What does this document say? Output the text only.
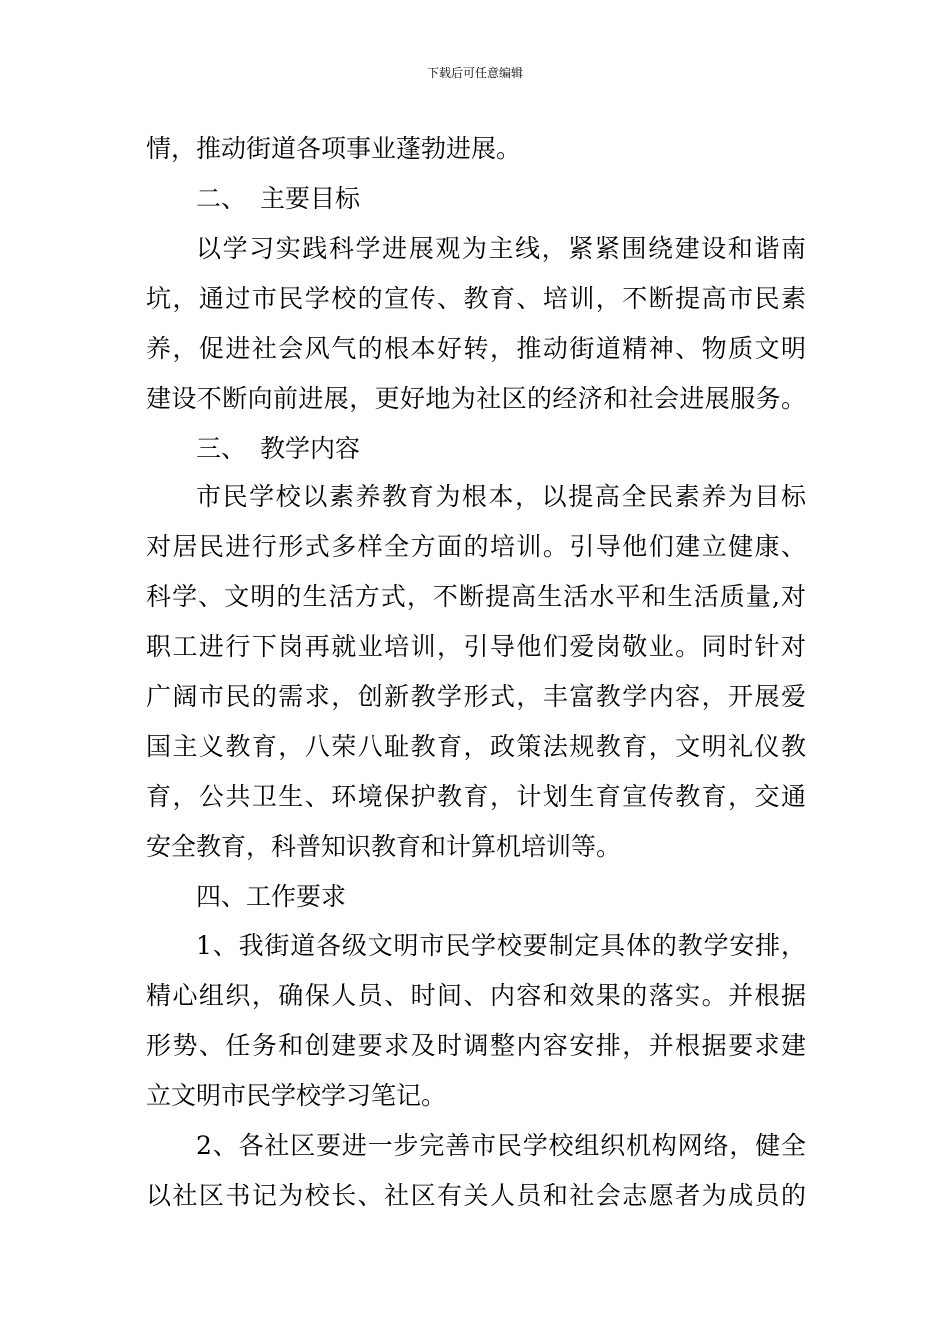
下载后可任意编辑
情，推动街道各项事业蓬勃进展。
二、 主要目标
以学习实践科学进展观为主线，紧紧围绕建设和谐南
坑，通过市民学校的宣传、教育、培训，不断提高市民素
养，促进社会风气的根本好转，推动街道精神、物质文明
建设不断向前进展，更好地为社区的经济和社会进展服务。
三、 教学内容
市民学校以素养教育为根本，以提高全民素养为目标
对居民进行形式多样全方面的培训。引导他们建立健康、
科学、文明的生活方式，不断提高生活水平和生活质量,对
职工进行下岗再就业培训，引导他们爱岗敬业。同时针对
广阔市民的需求，创新教学形式，丰富教学内容，开展爱
国主义教育，八荣八耻教育，政策法规教育，文明礼仪教
育，公共卫生、环境保护教育，计划生育宣传教育，交通
安全教育，科普知识教育和计算机培训等。
四、工作要求
1、我街道各级文明市民学校要制定具体的教学安排，
精心组织，确保人员、时间、内容和效果的落实。并根据
形势、任务和创建要求及时调整内容安排，并根据要求建
立文明市民学校学习笔记。
2、各社区要进一步完善市民学校组织机构网络，健全
以社区书记为校长、社区有关人员和社会志愿者为成员的
